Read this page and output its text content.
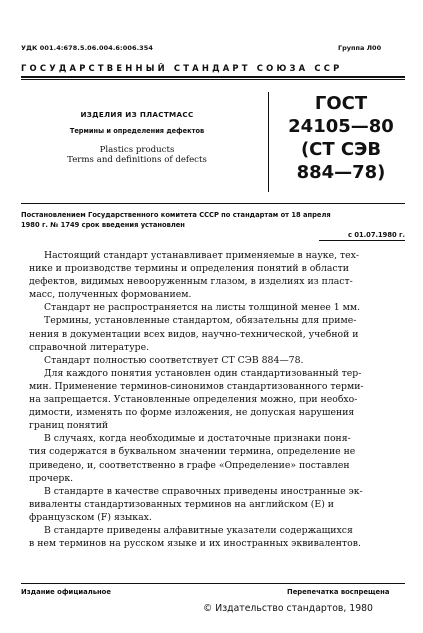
УДК 001.4:678.5.06.004.6:006.354	Группа Л00
ГОСУДАРСТВЕННЫЙ СТАНДАРТ СОЮЗА ССР
ИЗДЕЛИЯ ИЗ ПЛАСТМАСС
Термины и определения дефектов
Plastics products
Terms and definitions of defects
ГОСТ
24105—80
(СТ СЭВ
884—78)
Постановлением Государственного комитета СССР по стандартам от 18 апреля
1980 г. № 1749 срок введения установлен
с 01.07.1980 г.
Настоящий стандарт устанавливает применяемые в науке, тех-
нике и производстве термины и определения понятий в области
дефектов, видимых невооруженным глазом, в изделиях из пласт-
масс, полученных формованием.
Стандарт не распространяется на листы толщиной менее 1 мм.
Термины, установленные стандартом, обязательны для приме-
нения в документации всех видов, научно-технической, учебной и
справочной литературе.
Стандарт полностью соответствует СТ СЭВ 884—78.
Для каждого понятия установлен один стандартизованный тер-
мин. Применение терминов-синонимов стандартизованного терми-
на запрещается. Установленные определения можно, при необхо-
димости, изменять по форме изложения, не допуская нарушения
границ понятий
В случаях, когда необходимые и достаточные признаки поня-
тия содержатся в буквальном значении термина, определение не
приведено, и, соответственно в графе «Определение» поставлен
прочерк.
В стандарте в качестве справочных приведены иностранные эк-
виваленты стандартизованных терминов на английском (E) и
французском (F) языках.
В стандарте приведены алфавитные указатели содержащихся
в нем терминов на русском языке и их иностранных эквивалентов.
Издание официальное	Перепечатка воспрещена
© Издательство стандартов, 1980
